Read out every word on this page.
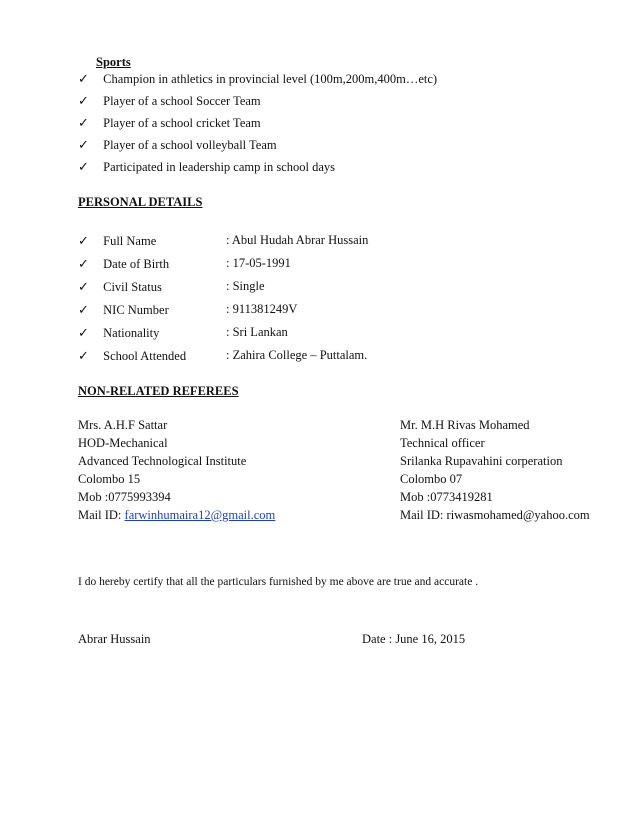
Sports
✓ Champion in athletics in provincial level (100m,200m,400m…etc)
✓ Player of a school Soccer Team
✓ Player of a school cricket Team
✓ Player of a school volleyball Team
✓ Participated in leadership camp in school days
PERSONAL DETAILS
✓ Full Name	: Abul Hudah Abrar Hussain
✓ Date of Birth	: 17-05-1991
✓ Civil Status	: Single
✓ NIC Number	: 911381249V
✓ Nationality	: Sri Lankan
✓ School Attended	: Zahira College – Puttalam.
NON-RELATED REFEREES
Mrs. A.H.F Sattar
HOD-Mechanical
Advanced Technological Institute
Colombo 15
Mob :0775993394
Mail ID: farwinhumaira12@gmail.com
Mr. M.H Rivas Mohamed
Technical officer
Srilanka Rupavahini corperation
Colombo 07
Mob :0773419281
Mail ID: riwasmohamed@yahoo.com
I do hereby certify that all the particulars furnished by me above are true and accurate .
Abrar Hussain	Date : June 16, 2015
